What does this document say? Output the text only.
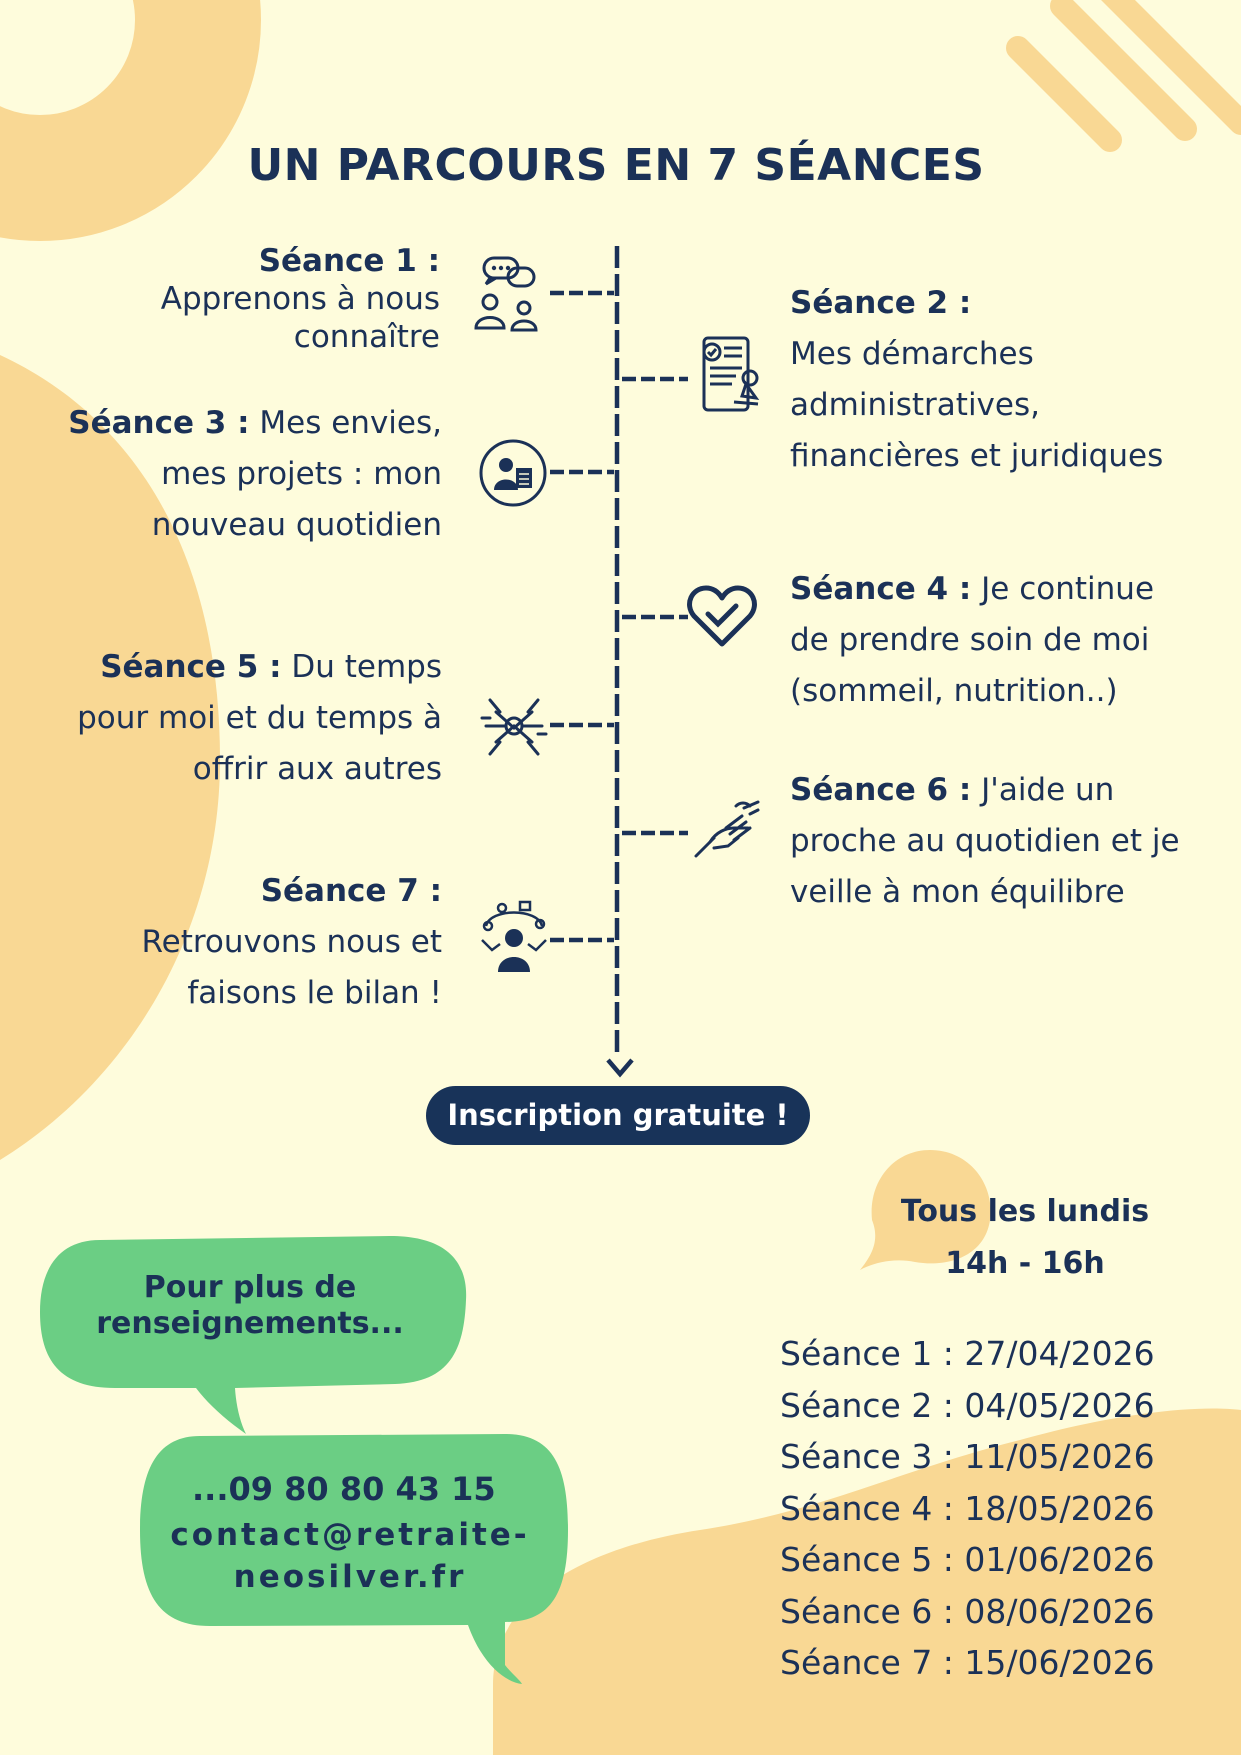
UN PARCOURS EN 7 SÉANCES
Séance 1 :
Apprenons à nous connaître
Séance 2 :
Mes démarches administratives, financières et juridiques
Séance 3 : Mes envies, mes projets : mon nouveau quotidien
Séance 4 : Je continue de prendre soin de moi (sommeil, nutrition..)
Séance 5 : Du temps pour moi et du temps à offrir aux autres
Séance 6 : J'aide un proche au quotidien et je veille à mon équilibre
Séance 7 :
Retrouvons nous et faisons le bilan !
Inscription gratuite !
Tous les lundis
14h - 16h
Séance 1 : 27/04/2026
Séance 2 : 04/05/2026
Séance 3 : 11/05/2026
Séance 4 : 18/05/2026
Séance 5 : 01/06/2026
Séance 6 : 08/06/2026
Séance 7 : 15/06/2026
Pour plus de
renseignements...
...09 80 80 43 15
contact@retraite-
neosilver.fr
